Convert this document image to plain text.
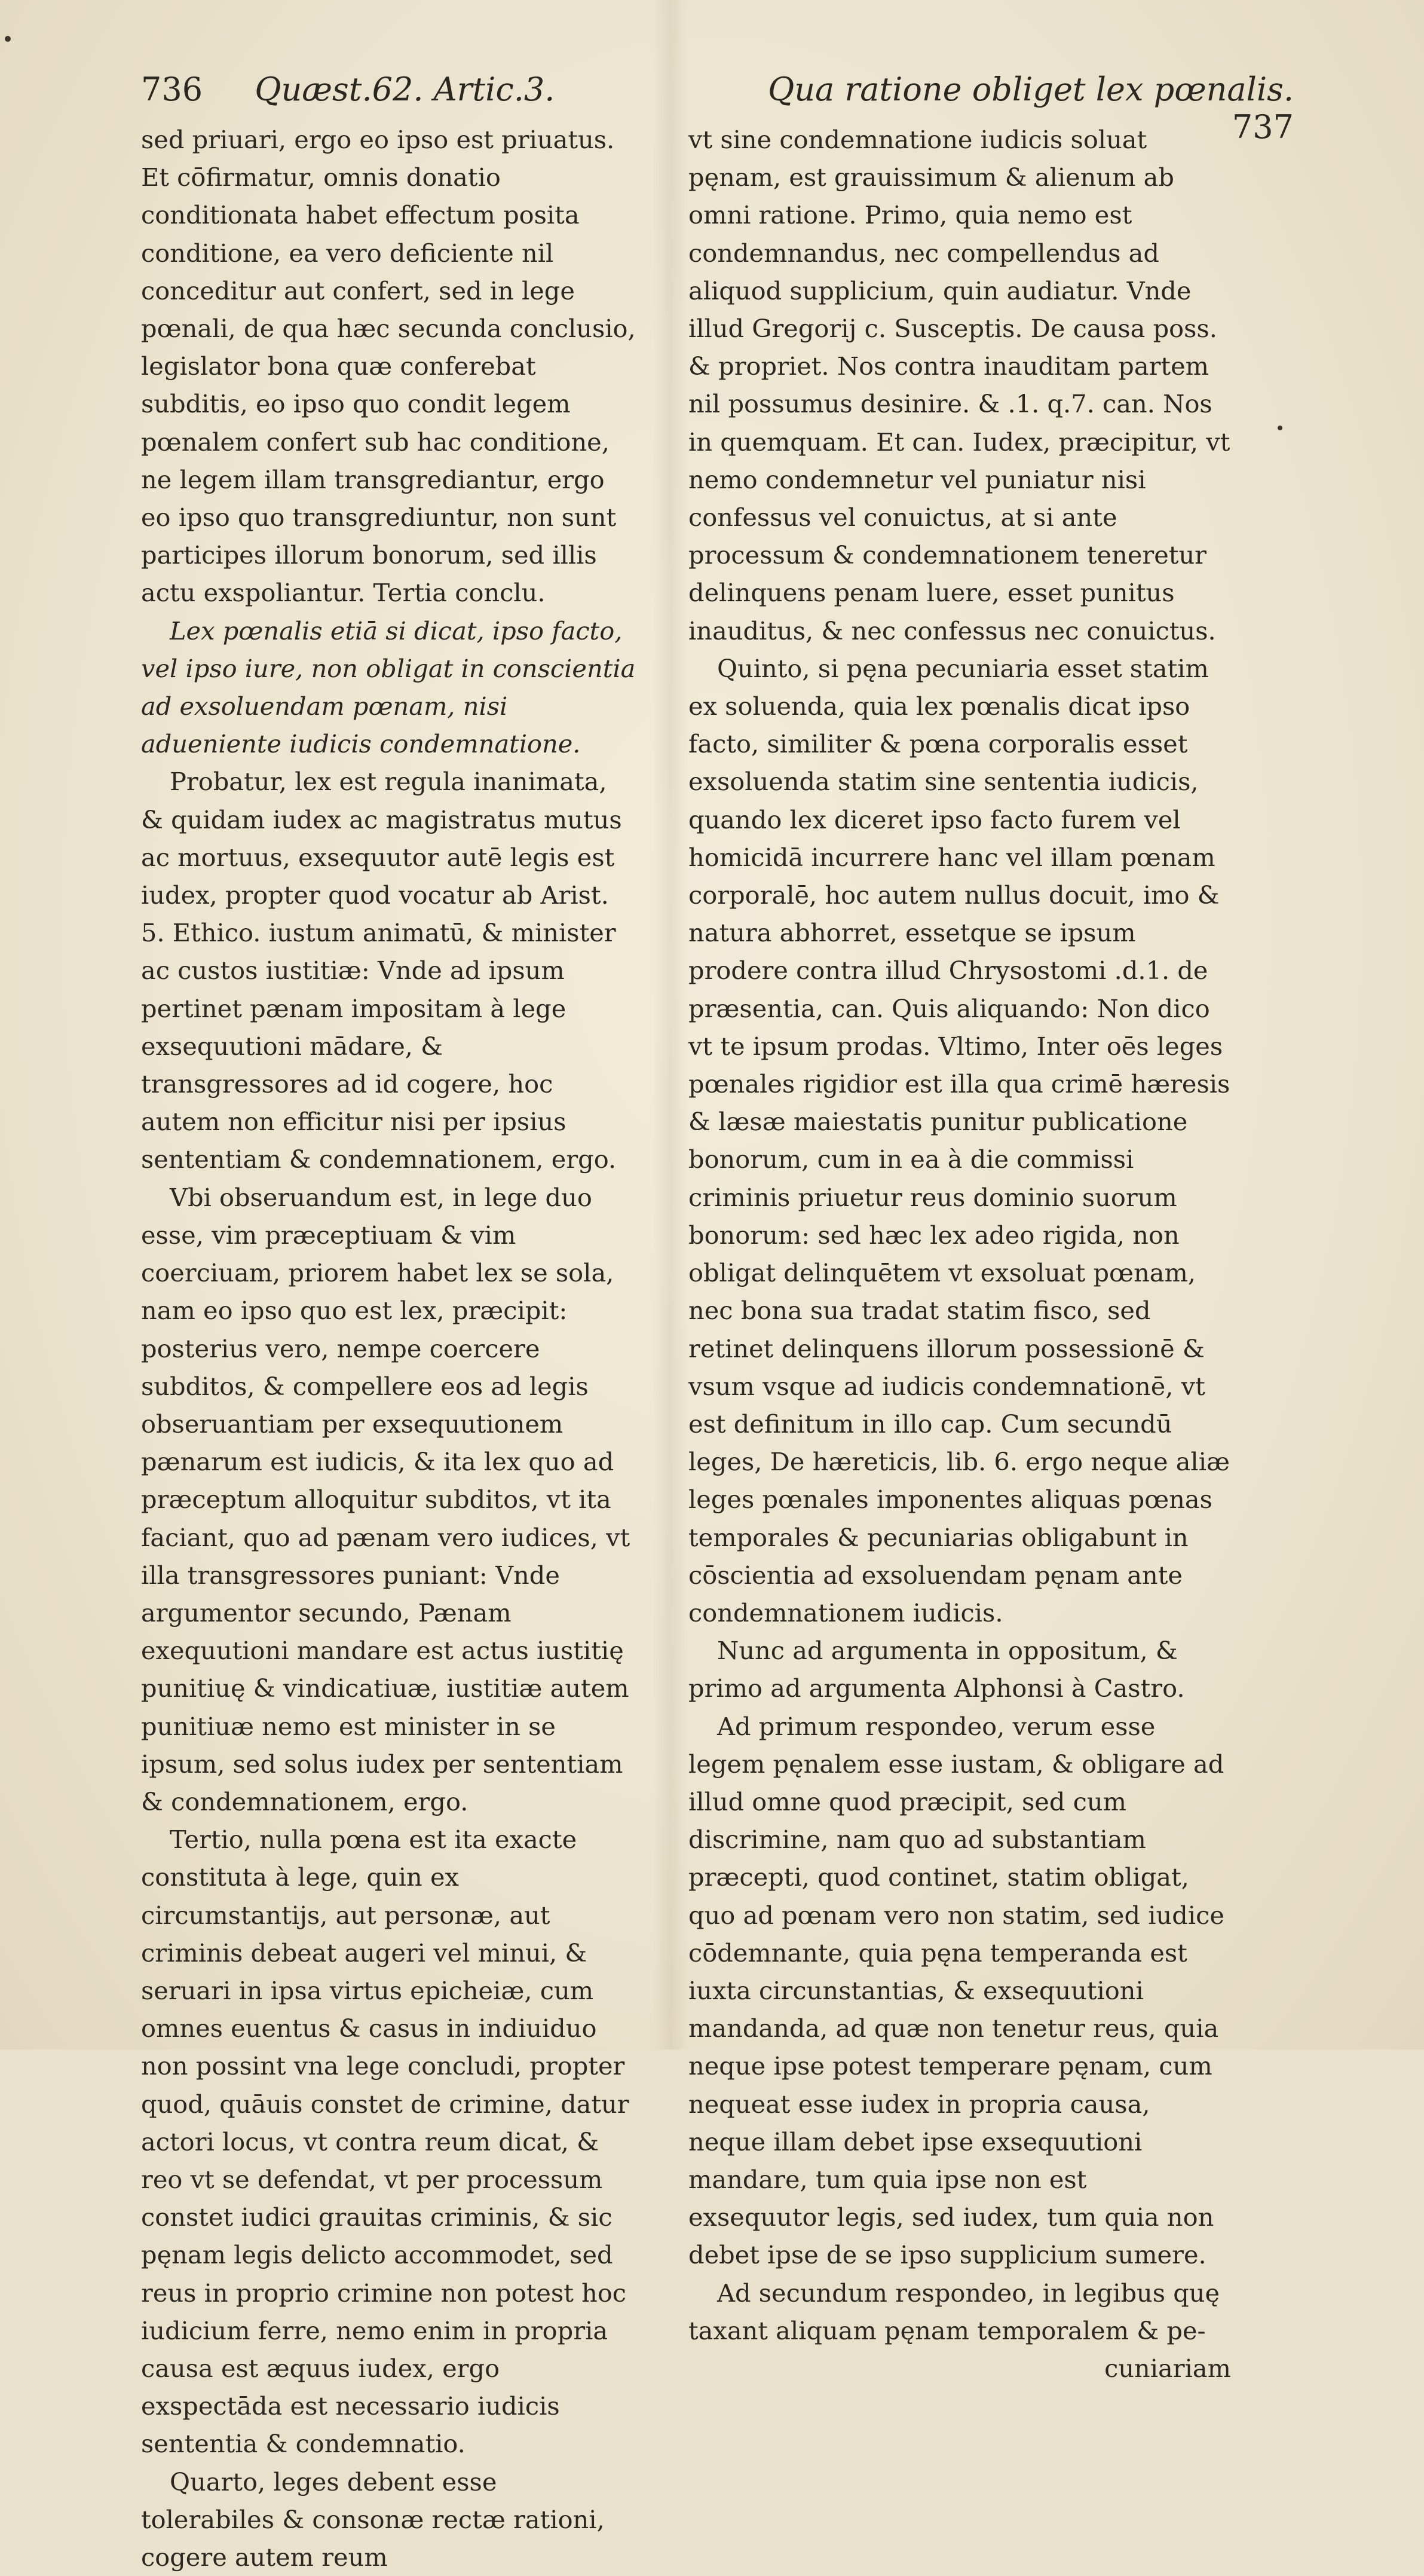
736 Quæst.62. Artic.3.	Qua ratione obliget lex pœnalis. 737

sed priuari, ergo eo ipso est priuatus. Et cōfirmatur, omnis donatio conditionata habet effectum posita conditione, ea vero deficiente nil conceditur aut confert, sed in lege pœnali, de qua hæc secunda conclusio, legislator bona quæ conferebat subditis, eo ipso quo condit legem pœnalem confert sub hac conditione, ne legem illam transgrediantur, ergo eo ipso quo transgrediuntur, non sunt participes illorum bonorum, sed illis actu exspoliantur. Tertia conclu.

Lex pœnalis etiā si dicat, ipso facto, vel ipso iure, non obligat in conscientia ad exsoluendam pœnam, nisi adueniente iudicis condemnatione.

Probatur, lex est regula inanimata, & quidam iudex ac magistratus mutus ac mortuus, exsequutor autē legis est iudex, propter quod vocatur ab Arist. 5. Ethico. iustum animatū, & minister ac custos iustitiæ: Vnde ad ipsum pertinet pænam impositam à lege exsequutioni mādare, & transgressores ad id cogere, hoc autem non efficitur nisi per ipsius sententiam & condemnationem, ergo.

Vbi obseruandum est, in lege duo esse, vim præceptiuam & vim coerciuam, priorem habet lex se sola, nam eo ipso quo est lex, præcipit: posterius vero, nempe coercere subditos, & compellere eos ad legis obseruantiam per exsequutionem pænarum est iudicis, & ita lex quo ad præceptum alloquitur subditos, vt ita faciant, quo ad pænam vero iudices, vt illa transgressores puniant: Vnde argumentor secundo, Pænam exequutioni mandare est actus iustitię punitiuę & vindicatiuæ, iustitiæ autem punitiuæ nemo est minister in se ipsum, sed solus iudex per sententiam & condemnationem, ergo.

Tertio, nulla pœna est ita exacte constituta à lege, quin ex circumstantijs, aut personæ, aut criminis debeat augeri vel minui, & seruari in ipsa virtus epicheiæ, cum omnes euentus & casus in indiuiduo non possint vna lege concludi, propter quod, quāuis constet de crimine, datur actori locus, vt contra reum dicat, & reo vt se defendat, vt per processum constet iudici grauitas criminis, & sic pęnam legis delicto accommodet, sed reus in proprio crimine non potest hoc iudicium ferre, nemo enim in propria causa est æquus iudex, ergo exspectāda est necessario iudicis sententia & condemnatio.

Quarto, leges debent esse tolerabiles & consonæ rectæ rationi, cogere autem reum

vt sine condemnatione iudicis soluat pęnam, est grauissimum & alienum ab omni ratione. Primo, quia nemo est condemnandus, nec compellendus ad aliquod supplicium, quin audiatur. Vnde illud Gregorij c. Susceptis. De causa poss. & propriet. Nos contra inauditam partem nil possumus desinire. & .1. q.7. can. Nos in quemquam. Et can. Iudex, præcipitur, vt nemo condemnetur vel puniatur nisi confessus vel conuictus, at si ante processum & condemnationem teneretur delinquens penam luere, esset punitus inauditus, & nec confessus nec conuictus.

Quinto, si pęna pecuniaria esset statim ex soluenda, quia lex pœnalis dicat ipso facto, similiter & pœna corporalis esset exsoluenda statim sine sententia iudicis, quando lex diceret ipso facto furem vel homicidā incurrere hanc vel illam pœnam corporalē, hoc autem nullus docuit, imo & natura abhorret, essetque se ipsum prodere contra illud Chrysostomi .d.1. de præsentia, can. Quis aliquando: Non dico vt te ipsum prodas. Vltimo, Inter oēs leges pœnales rigidior est illa qua crimē hæresis & læsæ maiestatis punitur publicatione bonorum, cum in ea à die commissi criminis priuetur reus dominio suorum bonorum: sed hæc lex adeo rigida, non obligat delinquētem vt exsoluat pœnam, nec bona sua tradat statim fisco, sed retinet delinquens illorum possessionē & vsum vsque ad iudicis condemnationē, vt est definitum in illo cap. Cum secundū leges, De hæreticis, lib. 6. ergo neque aliæ leges pœnales imponentes aliquas pœnas temporales & pecuniarias obligabunt in cōscientia ad exsoluendam pęnam ante condemnationem iudicis.

Nunc ad argumenta in oppositum, & primo ad argumenta Alphonsi à Castro.

Ad primum respondeo, verum esse legem pęnalem esse iustam, & obligare ad illud omne quod præcipit, sed cum discrimine, nam quo ad substantiam præcepti, quod continet, statim obligat, quo ad pœnam vero non statim, sed iudice cōdemnante, quia pęna temperanda est iuxta circunstantias, & exsequutioni mandanda, ad quæ non tenetur reus, quia neque ipse potest temperare pęnam, cum nequeat esse iudex in propria causa, neque illam debet ipse exsequutioni mandare, tum quia ipse non est exsequutor legis, sed iudex, tum quia non debet ipse de se ipso supplicium sumere.

Ad secundum respondeo, in legibus quę taxant aliquam pęnam temporalem & pe-

cuniariam
